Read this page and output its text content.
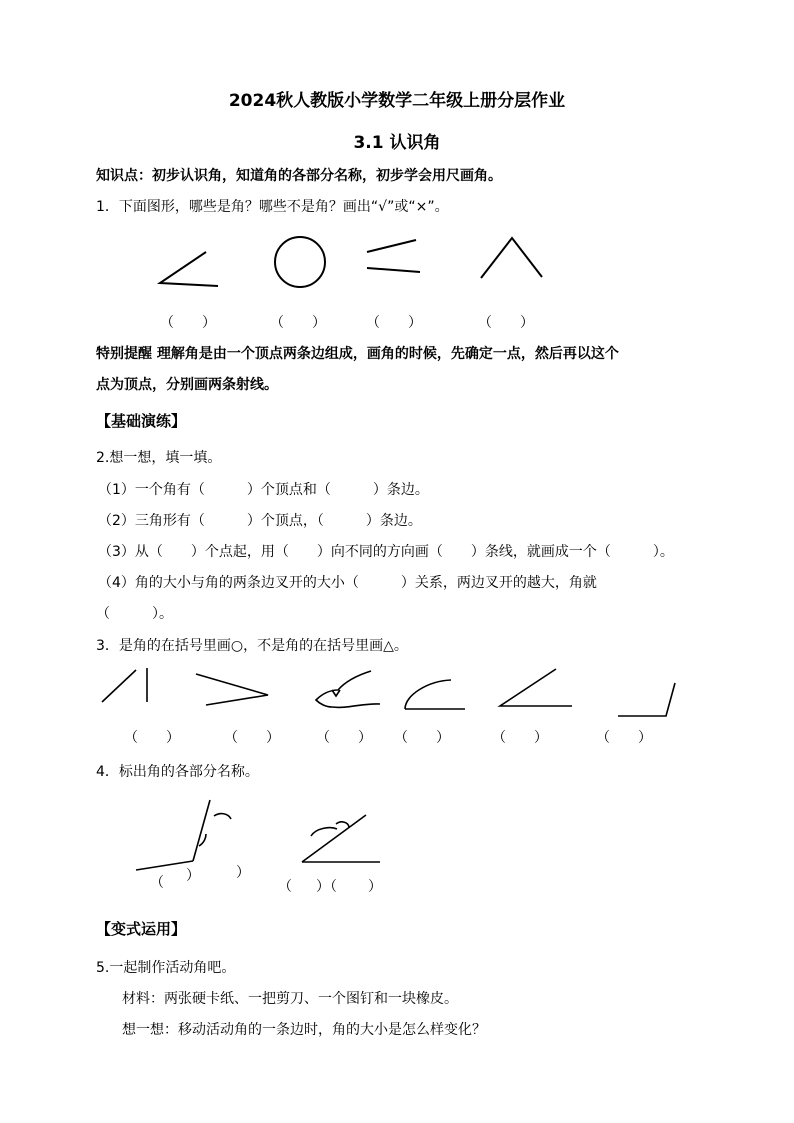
2024秋人教版小学数学二年级上册分层作业
3.1 认识角
知识点：初步认识角，知道角的各部分名称，初步学会用尺画角。
1．下面图形，哪些是角？哪些不是角？画出“√”或“×”。
（　　）	（　　）	（　　）	（　　）
特别提醒 理解角是由一个顶点两条边组成，画角的时候，先确定一点，然后再以这个
点为顶点，分别画两条射线。
【基础演练】
2.想一想，填一填。
（1）一个角有（　　　）个顶点和（　　　）条边。
（2）三角形有（　　　）个顶点，（　　　）条边。
（3）从（　　）个点起，用（　　）向不同的方向画（　　）条线，就画成一个（　　　）。
（4）角的大小与角的两条边叉开的大小（　　　）关系，两边叉开的越大，角就
（　　　）。
3．是角的在括号里画○，不是角的在括号里画△。
（　　）	（　　）	（　　） （　　）	（　　）	（　　）
4．标出角的各部分名称。
（ ）	）
（ ）（ ）
【变式运用】
5.一起制作活动角吧。
材料：两张硬卡纸、一把剪刀、一个图钉和一块橡皮。
想一想：移动活动角的一条边时，角的大小是怎么样变化？
